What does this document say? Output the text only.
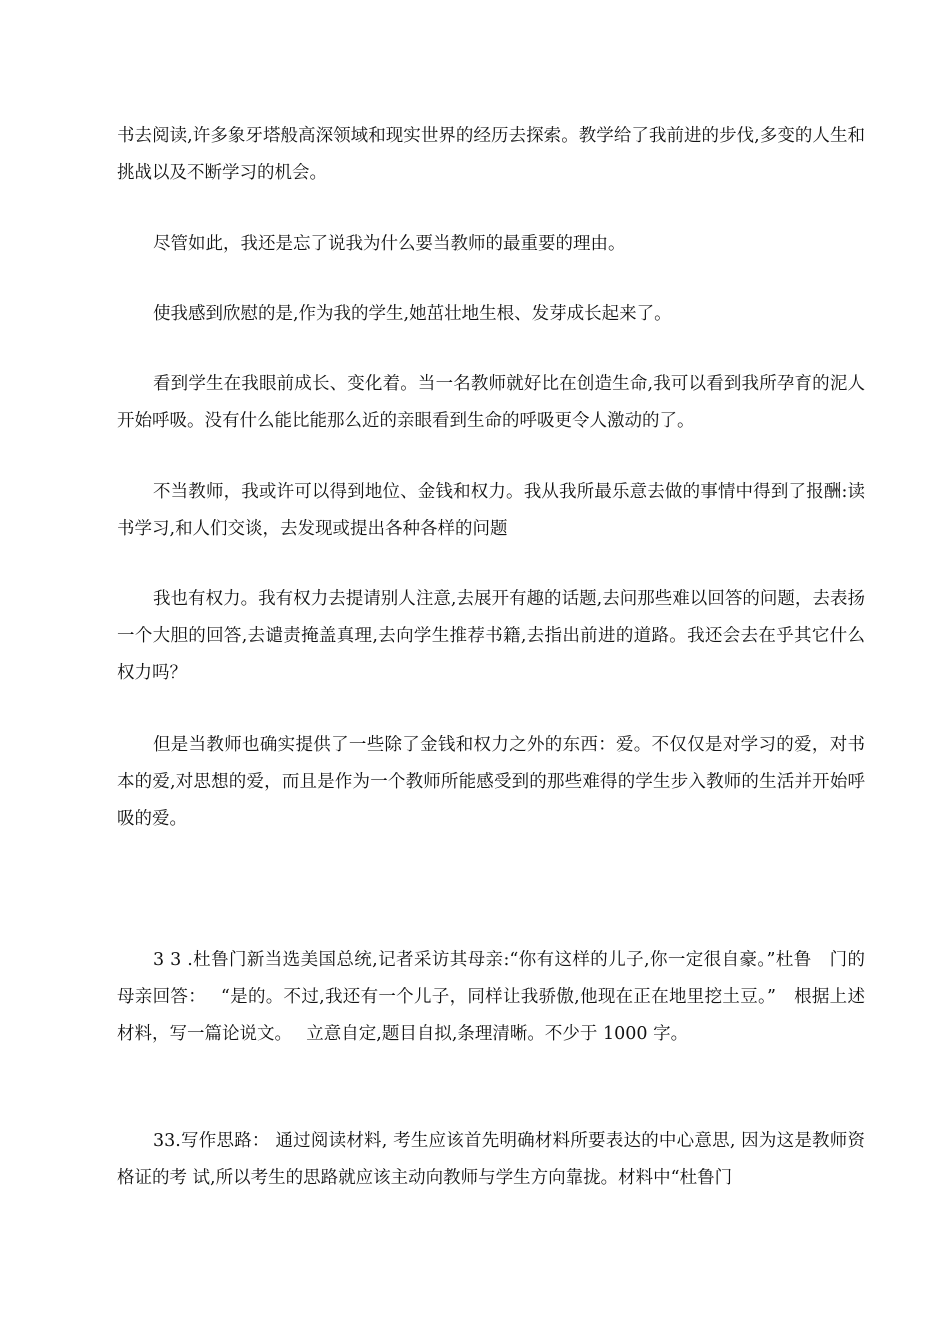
书去阅读,许多象牙塔般高深领域和现实世界的经历去探索。教学给了我前进的步伐,多变的人生和挑战以及不断学习的机会。

尽管如此，我还是忘了说我为什么要当教师的最重要的理由。

使我感到欣慰的是,作为我的学生,她茁壮地生根、发芽成长起来了。

看到学生在我眼前成长、变化着。当一名教师就好比在创造生命,我可以看到我所孕育的泥人开始呼吸。没有什么能比能那么近的亲眼看到生命的呼吸更令人激动的了。

不当教师，我或许可以得到地位、金钱和权力。我从我所最乐意去做的事情中得到了报酬:读书学习,和人们交谈，去发现或提出各种各样的问题

我也有权力。我有权力去提请别人注意,去展开有趣的话题,去问那些难以回答的问题，去表扬一个大胆的回答,去谴责掩盖真理,去向学生推荐书籍,去指出前进的道路。我还会去在乎其它什么权力吗？

但是当教师也确实提供了一些除了金钱和权力之外的东西：爱。不仅仅是对学习的爱，对书本的爱,对思想的爱，而且是作为一个教师所能感受到的那些难得的学生步入教师的生活并开始呼吸的爱。

3 3 .杜鲁门新当选美国总统,记者采访其母亲:“你有这样的儿子,你一定很自豪。”杜鲁　门的母亲回答：　 “是的。不过,我还有一个儿子，同样让我骄傲,他现在正在地里挖土豆。”　根据上述材料，写一篇论说文。　 立意自定,题目自拟,条理清晰。不少于 1000 字。

33.写作思路： 通过阅读材料, 考生应该首先明确材料所要表达的中心意思, 因为这是教师资格证的考 试,所以考生的思路就应该主动向教师与学生方向靠拢。材料中“杜鲁门
